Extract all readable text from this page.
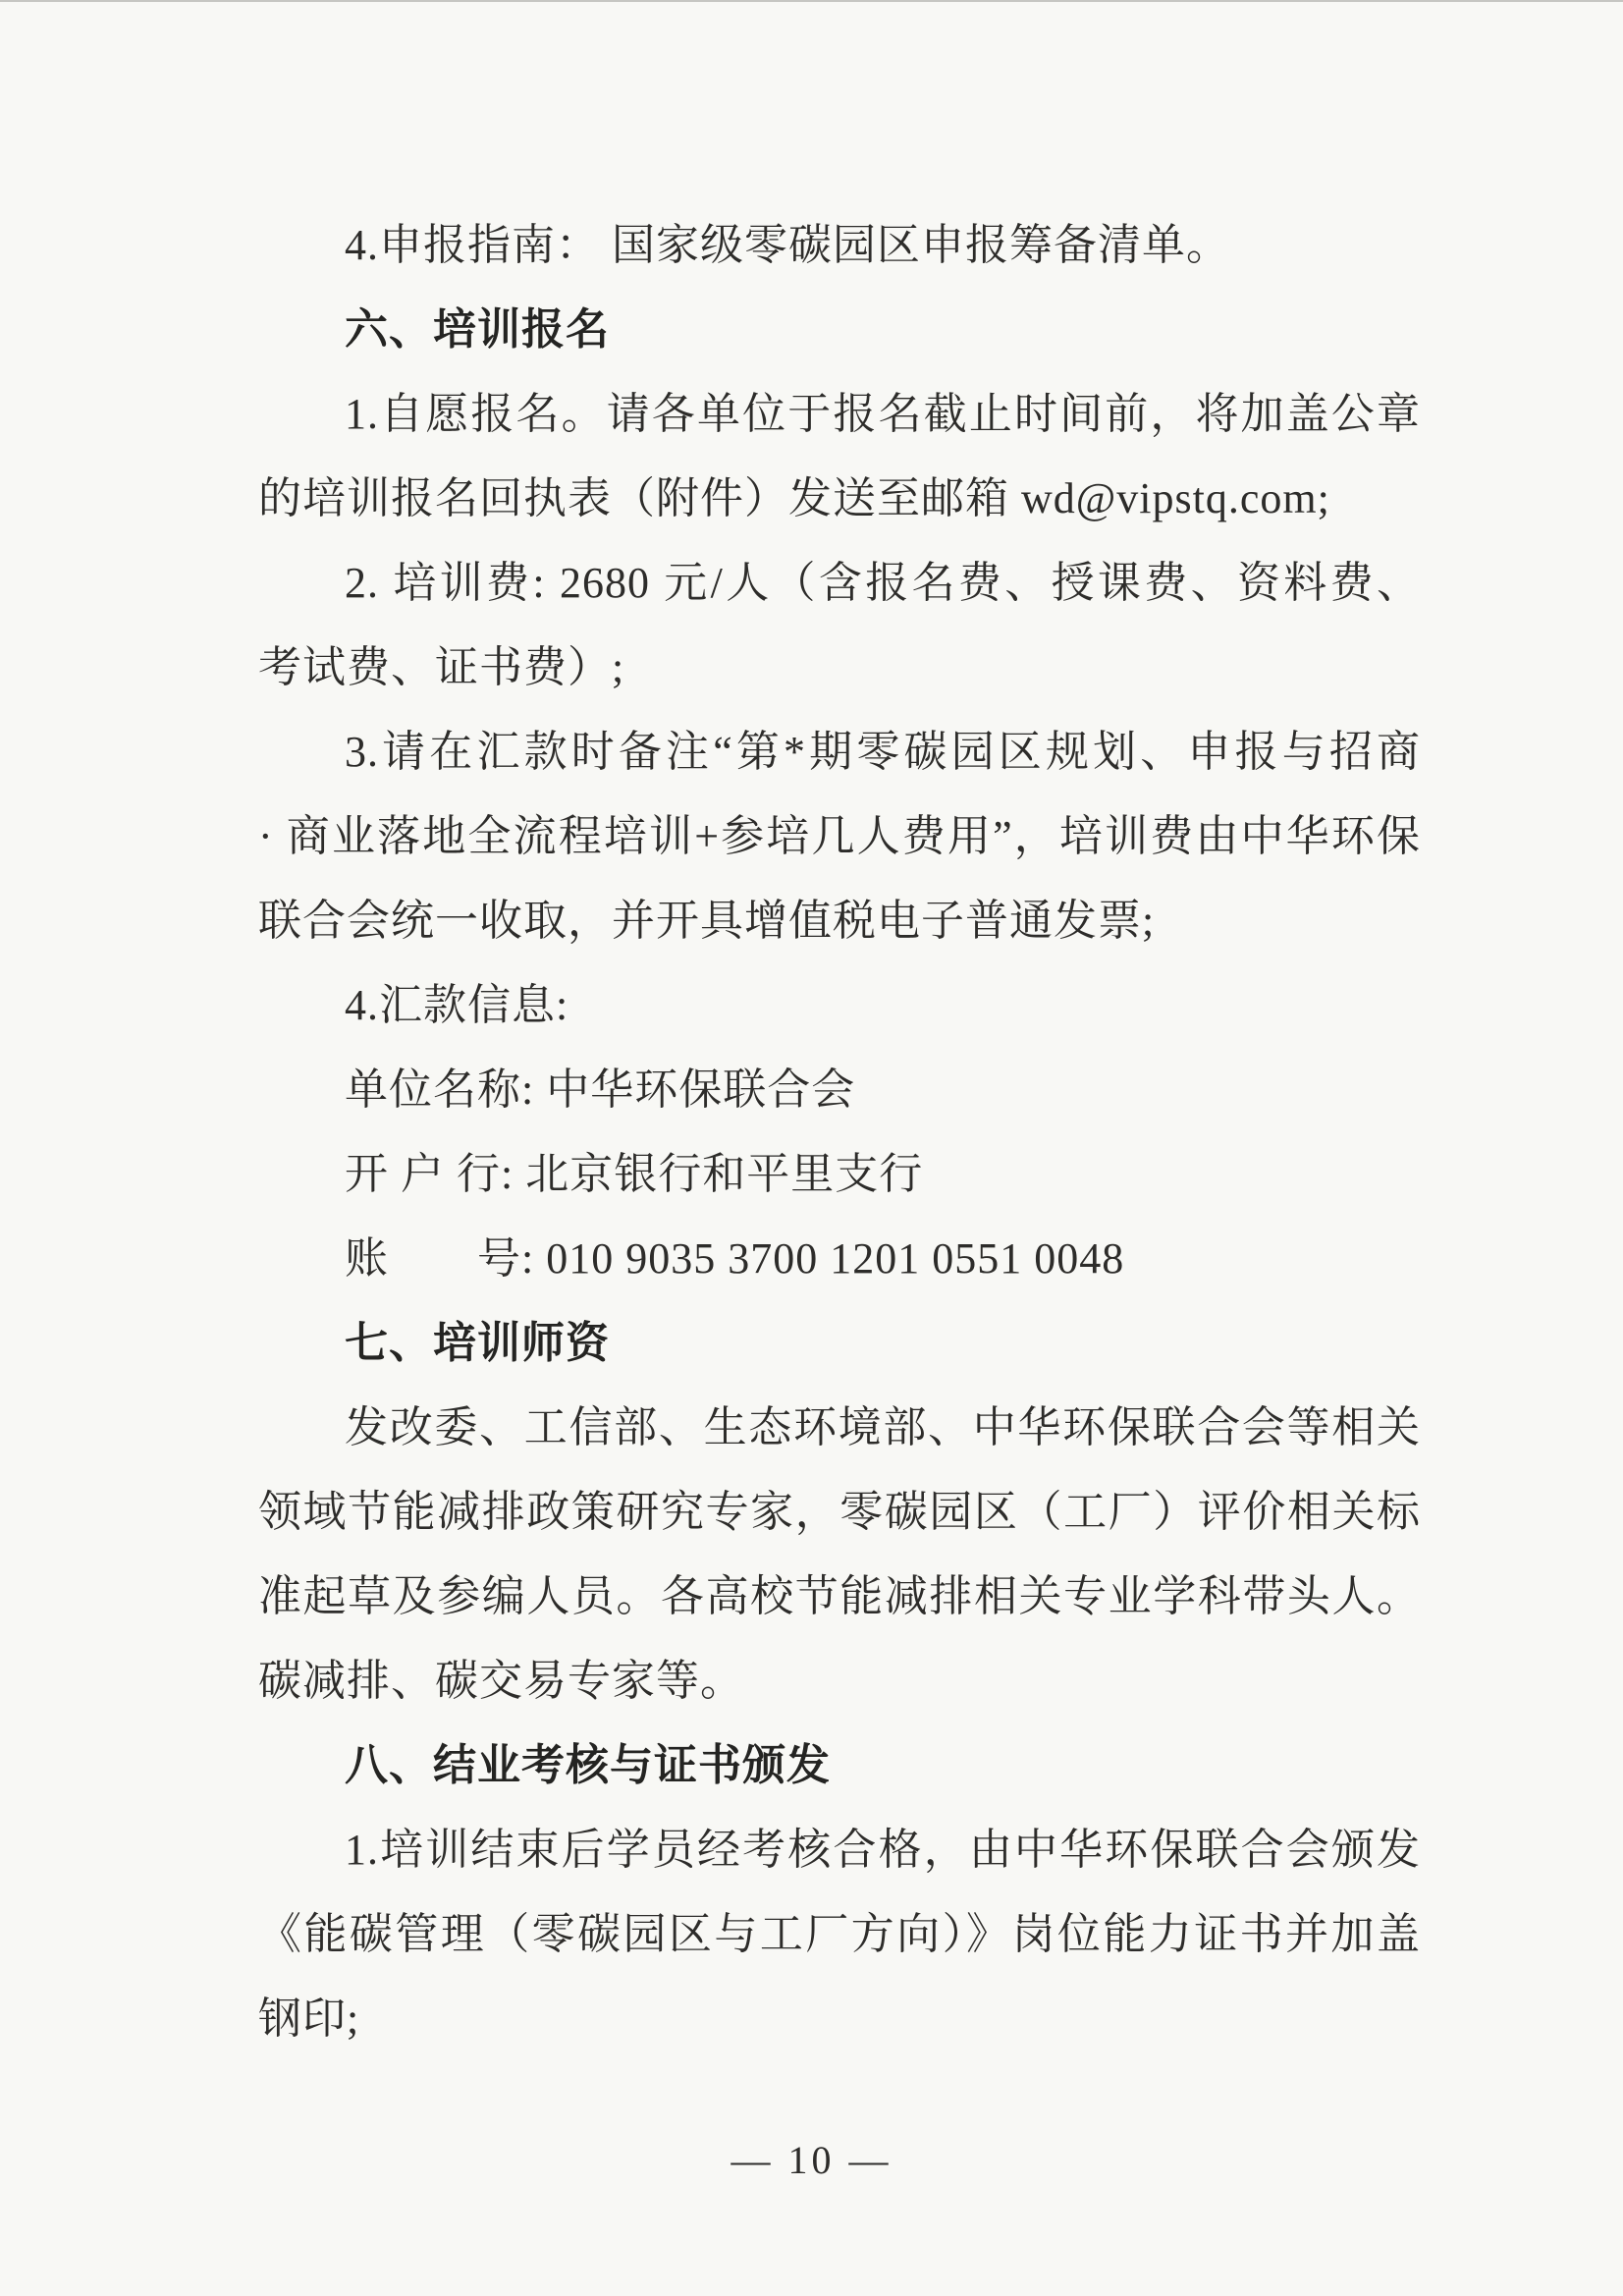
4.申报指南： 国家级零碳园区申报筹备清单。
六、培训报名
1.自愿报名。请各单位于报名截止时间前，将加盖公章
的培训报名回执表（附件）发送至邮箱 wd@vipstq.com;
2. 培训费: 2680 元/人（含报名费、授课费、资料费、
考试费、证书费）;
3.请在汇款时备注“第*期零碳园区规划、申报与招商
· 商业落地全流程培训+参培几人费用”，培训费由中华环保
联合会统一收取，并开具增值税电子普通发票;
4.汇款信息:
单位名称: 中华环保联合会
开 户 行: 北京银行和平里支行
账　　号: 010 9035 3700 1201 0551 0048
七、培训师资
发改委、工信部、生态环境部、中华环保联合会等相关
领域节能减排政策研究专家，零碳园区（工厂）评价相关标
准起草及参编人员。各高校节能减排相关专业学科带头人。
碳减排、碳交易专家等。
八、结业考核与证书颁发
1.培训结束后学员经考核合格，由中华环保联合会颁发
《能碳管理（零碳园区与工厂方向）》岗位能力证书并加盖
钢印;
— 10 —
